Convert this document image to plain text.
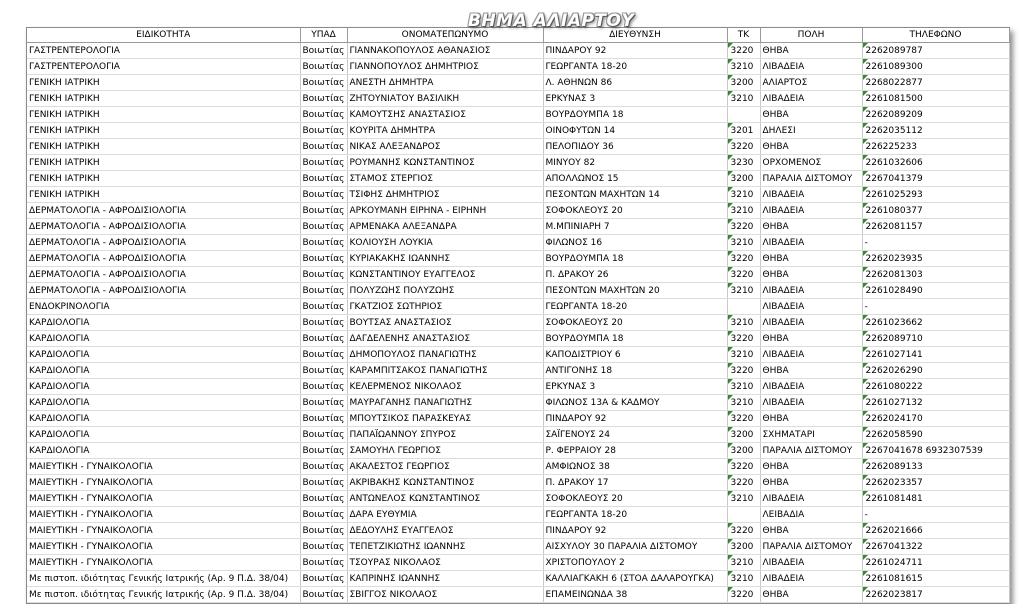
ΒΗΜΑ ΑΛΙΑΡΤΟΥ
ΕΙΔΙΚΟΤΗΤΑ	ΥΠΑΔ	ΟΝΟΜΑΤΕΠΩΝΥΜΟ	ΔΙΕΥΘΥΝΣΗ	ΤΚ	ΠΟΛΗ	ΤΗΛΕΦΩΝΟ
ΓΑΣΤΡΕΝΤΕΡΟΛΟΓΙΑ	Βοιωτίας	ΓΙΑΝΝΑΚΟΠΟΥΛΟΣ ΑΘΑΝΑΣΙΟΣ	ΠΙΝΔΑΡΟΥ 92	3220	ΘΗΒΑ	2262089787
ΓΑΣΤΡΕΝΤΕΡΟΛΟΓΙΑ	Βοιωτίας	ΓΙΑΝΝΟΠΟΥΛΟΣ ΔΗΜΗΤΡΙΟΣ	ΓΕΩΡΓΑΝΤΑ 18-20	3210	ΛΙΒΑΔΕΙΑ	2261089300
ΓΕΝΙΚΗ ΙΑΤΡΙΚΗ	Βοιωτίας	ΑΝΕΣΤΗ ΔΗΜΗΤΡΑ	Λ. ΑΘΗΝΩΝ 86	3200	ΑΛΙΑΡΤΟΣ	2268022877
ΓΕΝΙΚΗ ΙΑΤΡΙΚΗ	Βοιωτίας	ΖΗΤΟΥΝΙΑΤΟΥ ΒΑΣΙΛΙΚΗ	ΕΡΚΥΝΑΣ 3	3210	ΛΙΒΑΔΕΙΑ	2261081500
ΓΕΝΙΚΗ ΙΑΤΡΙΚΗ	Βοιωτίας	ΚΑΜΟΥΤΣΗΣ ΑΝΑΣΤΑΣΙΟΣ	ΒΟΥΡΔΟΥΜΠΑ 18		ΘΗΒΑ	2262089209
ΓΕΝΙΚΗ ΙΑΤΡΙΚΗ	Βοιωτίας	ΚΟΥΡΙΤΑ ΔΗΜΗΤΡΑ	ΟΙΝΟΦΥΤΩΝ 14	3201	ΔΗΛΕΣΙ	2262035112
ΓΕΝΙΚΗ ΙΑΤΡΙΚΗ	Βοιωτίας	ΝΙΚΑΣ ΑΛΕΞΑΝΔΡΟΣ	ΠΕΛΟΠΙΔΟΥ 36	3220	ΘΗΒΑ	226225233
ΓΕΝΙΚΗ ΙΑΤΡΙΚΗ	Βοιωτίας	ΡΟΥΜΑΝΗΣ ΚΩΝΣΤΑΝΤΙΝΟΣ	ΜΙΝΥΟΥ 82	3230	ΟΡΧΟΜΕΝΟΣ	2261032606
ΓΕΝΙΚΗ ΙΑΤΡΙΚΗ	Βοιωτίας	ΣΤΑΜΟΣ ΣΤΕΡΓΙΟΣ	ΑΠΟΛΛΩΝΟΣ 15	3200	ΠΑΡΑΛΙΑ ΔΙΣΤΟΜΟΥ	2267041379
ΓΕΝΙΚΗ ΙΑΤΡΙΚΗ	Βοιωτίας	ΤΣΙΦΗΣ ΔΗΜΗΤΡΙΟΣ	ΠΕΣΟΝΤΩΝ ΜΑΧΗΤΩΝ 14	3210	ΛΙΒΑΔΕΙΑ	2261025293
ΔΕΡΜΑΤΟΛΟΓΙΑ - ΑΦΡΟΔΙΣΙΟΛΟΓΙΑ	Βοιωτίας	ΑΡΚΟΥΜΑΝΗ ΕΙΡΗΝΑ - ΕΙΡΗΝΗ	ΣΟΦΟΚΛΕΟΥΣ 20	3210	ΛΙΒΑΔΕΙΑ	2261080377
ΔΕΡΜΑΤΟΛΟΓΙΑ - ΑΦΡΟΔΙΣΙΟΛΟΓΙΑ	Βοιωτίας	ΑΡΜΕΝΑΚΑ ΑΛΕΞΑΝΔΡΑ	Μ.ΜΠΙΝΙΑΡΗ 7	3220	ΘΗΒΑ	2262081157
ΔΕΡΜΑΤΟΛΟΓΙΑ - ΑΦΡΟΔΙΣΙΟΛΟΓΙΑ	Βοιωτίας	ΚΟΛΙΟΥΣΗ ΛΟΥΚΙΑ	ΦΙΛΩΝΟΣ 16	3210	ΛΙΒΑΔΕΙΑ	-
ΔΕΡΜΑΤΟΛΟΓΙΑ - ΑΦΡΟΔΙΣΙΟΛΟΓΙΑ	Βοιωτίας	ΚΥΡΙΑΚΑΚΗΣ ΙΩΑΝΝΗΣ	ΒΟΥΡΔΟΥΜΠΑ 18	3220	ΘΗΒΑ	2262023935
ΔΕΡΜΑΤΟΛΟΓΙΑ - ΑΦΡΟΔΙΣΙΟΛΟΓΙΑ	Βοιωτίας	ΚΩΝΣΤΑΝΤΙΝΟΥ ΕΥΑΓΓΕΛΟΣ	Π. ΔΡΑΚΟΥ 26	3220	ΘΗΒΑ	2262081303
ΔΕΡΜΑΤΟΛΟΓΙΑ - ΑΦΡΟΔΙΣΙΟΛΟΓΙΑ	Βοιωτίας	ΠΟΛΥΖΩΗΣ ΠΟΛΥΖΩΗΣ	ΠΕΣΟΝΤΩΝ ΜΑΧΗΤΩΝ 20	3210	ΛΙΒΑΔΕΙΑ	2261028490
ΕΝΔΟΚΡΙΝΟΛΟΓΙΑ	Βοιωτίας	ΓΚΑΤΖΙΟΣ ΣΩΤΗΡΙΟΣ	ΓΕΩΡΓΑΝΤΑ 18-20		ΛΙΒΑΔΕΙΑ	-
ΚΑΡΔΙΟΛΟΓΙΑ	Βοιωτίας	ΒΟΥΤΣΑΣ ΑΝΑΣΤΑΣΙΟΣ	ΣΟΦΟΚΛΕΟΥΣ 20	3210	ΛΙΒΑΔΕΙΑ	2261023662
ΚΑΡΔΙΟΛΟΓΙΑ	Βοιωτίας	ΔΑΓΔΕΛΕΝΗΣ ΑΝΑΣΤΑΣΙΟΣ	ΒΟΥΡΔΟΥΜΠΑ 18	3220	ΘΗΒΑ	2262089710
ΚΑΡΔΙΟΛΟΓΙΑ	Βοιωτίας	ΔΗΜΟΠΟΥΛΟΣ ΠΑΝΑΓΙΩΤΗΣ	ΚΑΠΟΔΙΣΤΡΙΟΥ 6	3210	ΛΙΒΑΔΕΙΑ	2261027141
ΚΑΡΔΙΟΛΟΓΙΑ	Βοιωτίας	ΚΑΡΑΜΠΙΤΣΑΚΟΣ ΠΑΝΑΓΙΩΤΗΣ	ΑΝΤΙΓΟΝΗΣ 18	3220	ΘΗΒΑ	2262026290
ΚΑΡΔΙΟΛΟΓΙΑ	Βοιωτίας	ΚΕΛΕΡΜΕΝΟΣ ΝΙΚΟΛΑΟΣ	ΕΡΚΥΝΑΣ 3	3210	ΛΙΒΑΔΕΙΑ	2261080222
ΚΑΡΔΙΟΛΟΓΙΑ	Βοιωτίας	ΜΑΥΡΑΓΑΝΗΣ ΠΑΝΑΓΙΩΤΗΣ	ΦΙΛΩΝΟΣ 13Α & ΚΑΔΜΟΥ	3210	ΛΙΒΑΔΕΙΑ	2261027132
ΚΑΡΔΙΟΛΟΓΙΑ	Βοιωτίας	ΜΠΟΥΤΣΙΚΟΣ ΠΑΡΑΣΚΕΥΑΣ	ΠΙΝΔΑΡΟΥ 92	3220	ΘΗΒΑ	2262024170
ΚΑΡΔΙΟΛΟΓΙΑ	Βοιωτίας	ΠΑΠΑΪΩΑΝΝΟΥ ΣΠΥΡΟΣ	ΣΑΪΓΕΝΟΥΣ 24	3200	ΣΧΗΜΑΤΑΡΙ	2262058590
ΚΑΡΔΙΟΛΟΓΙΑ	Βοιωτίας	ΣΑΜΟΥΗΛ ΓΕΩΡΓΙΟΣ	Ρ. ΦΕΡΡΑΙΟΥ 28	3200	ΠΑΡΑΛΙΑ ΔΙΣΤΟΜΟΥ	2267041678 6932307539
ΜΑΙΕΥΤΙΚΗ - ΓΥΝΑΙΚΟΛΟΓΙΑ	Βοιωτίας	ΑΚΑΛΕΣΤΟΣ ΓΕΩΡΓΙΟΣ	ΑΜΦΙΩΝΟΣ 38	3220	ΘΗΒΑ	2262089133
ΜΑΙΕΥΤΙΚΗ - ΓΥΝΑΙΚΟΛΟΓΙΑ	Βοιωτίας	ΑΚΡΙΒΑΚΗΣ ΚΩΝΣΤΑΝΤΙΝΟΣ	Π. ΔΡΑΚΟΥ 17	3220	ΘΗΒΑ	2262023357
ΜΑΙΕΥΤΙΚΗ - ΓΥΝΑΙΚΟΛΟΓΙΑ	Βοιωτίας	ΑΝΤΩΝΕΛΟΣ ΚΩΝΣΤΑΝΤΙΝΟΣ	ΣΟΦΟΚΛΕΟΥΣ 20	3210	ΛΙΒΑΔΕΙΑ	2261081481
ΜΑΙΕΥΤΙΚΗ - ΓΥΝΑΙΚΟΛΟΓΙΑ	Βοιωτίας	ΔΑΡΑ ΕΥΘΥΜΙΑ	ΓΕΩΡΓΑΝΤΑ 18-20		ΛΕΙΒΑΔΙΑ	-
ΜΑΙΕΥΤΙΚΗ - ΓΥΝΑΙΚΟΛΟΓΙΑ	Βοιωτίας	ΔΕΔΟΥΛΗΣ ΕΥΑΓΓΕΛΟΣ	ΠΙΝΔΑΡΟΥ 92	3220	ΘΗΒΑ	2262021666
ΜΑΙΕΥΤΙΚΗ - ΓΥΝΑΙΚΟΛΟΓΙΑ	Βοιωτίας	ΤΕΠΕΤΖΙΚΙΩΤΗΣ ΙΩΑΝΝΗΣ	ΑΙΣΧΥΛΟΥ 30 ΠΑΡΑΛΙΑ ΔΙΣΤΟΜΟΥ	3200	ΠΑΡΑΛΙΑ ΔΙΣΤΟΜΟΥ	2267041322
ΜΑΙΕΥΤΙΚΗ - ΓΥΝΑΙΚΟΛΟΓΙΑ	Βοιωτίας	ΤΣΟΥΡΑΣ ΝΙΚΟΛΑΟΣ	ΧΡΙΣΤΟΠΟΥΛΟΥ 2	3210	ΛΙΒΑΔΕΙΑ	2261024711
Με πιστοπ. ιδιότητας Γενικής Ιατρικής (Αρ. 9 Π.Δ. 38/04)	Βοιωτίας	ΚΑΠΡΙΝΗΣ ΙΩΑΝΝΗΣ	ΚΑΛΛΙΑΓΚΑΚΗ 6 (ΣΤΟΑ ΔΑΛΑΡΟΥΓΚΑ)	3210	ΛΙΒΑΔΕΙΑ	2261081615
Με πιστοπ. ιδιότητας Γενικής Ιατρικής (Αρ. 9 Π.Δ. 38/04)	Βοιωτίας	ΣΒΙΓΓΟΣ ΝΙΚΟΛΑΟΣ	ΕΠΑΜΕΙΝΩΝΔΑ 38	3220	ΘΗΒΑ	2262023817
